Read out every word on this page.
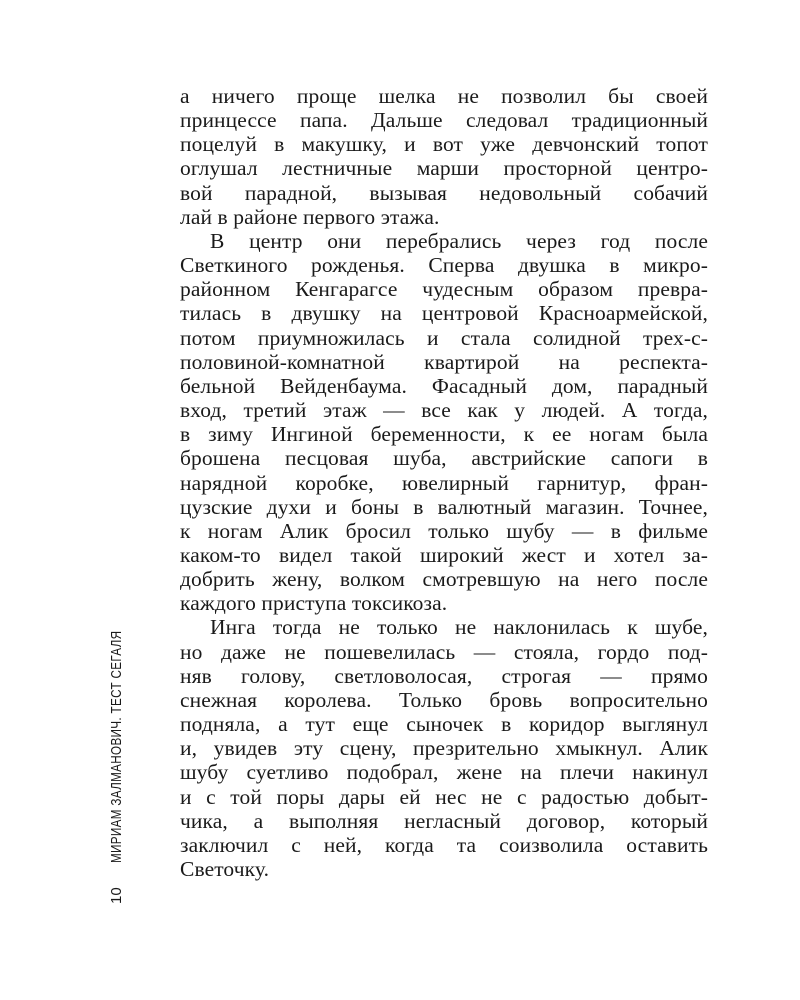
а ничего проще шелка не позволил бы своей
принцессе папа. Дальше следовал традиционный
поцелуй в макушку, и вот уже девчонский топот
оглушал лестничные марши просторной центро-
вой парадной, вызывая недовольный собачий
лай в районе первого этажа.

В центр они перебрались через год после
Светкиного рожденья. Сперва двушка в микро-
районном Кенгарагсе чудесным образом превра-
тилась в двушку на центровой Красноармейской,
потом приумножилась и стала солидной трех-с-
половиной-комнатной квартирой на респекта-
бельной Вейденбаума. Фасадный дом, парадный
вход, третий этаж — все как у людей. А тогда,
в зиму Ингиной беременности, к ее ногам была
брошена песцовая шуба, австрийские сапоги в
нарядной коробке, ювелирный гарнитур, фран-
цузские духи и боны в валютный магазин. Точнее,
к ногам Алик бросил только шубу — в фильме
каком-то видел такой широкий жест и хотел за-
добрить жену, волком смотревшую на него после
каждого приступа токсикоза.

Инга тогда не только не наклонилась к шубе,
но даже не пошевелилась — стояла, гордо под-
няв голову, светловолосая, строгая — прямо
снежная королева. Только бровь вопросительно
подняла, а тут еще сыночек в коридор выглянул
и, увидев эту сцену, презрительно хмыкнул. Алик
шубу суетливо подобрал, жене на плечи накинул
и с той поры дары ей нес не с радостью добыт-
чика, а выполняя негласный договор, который
заключил с ней, когда та соизволила оставить
Светочку.

10
МИРИАМ ЗАЛМАНОВИЧ. ТЕСТ СЕГАЛЯ
